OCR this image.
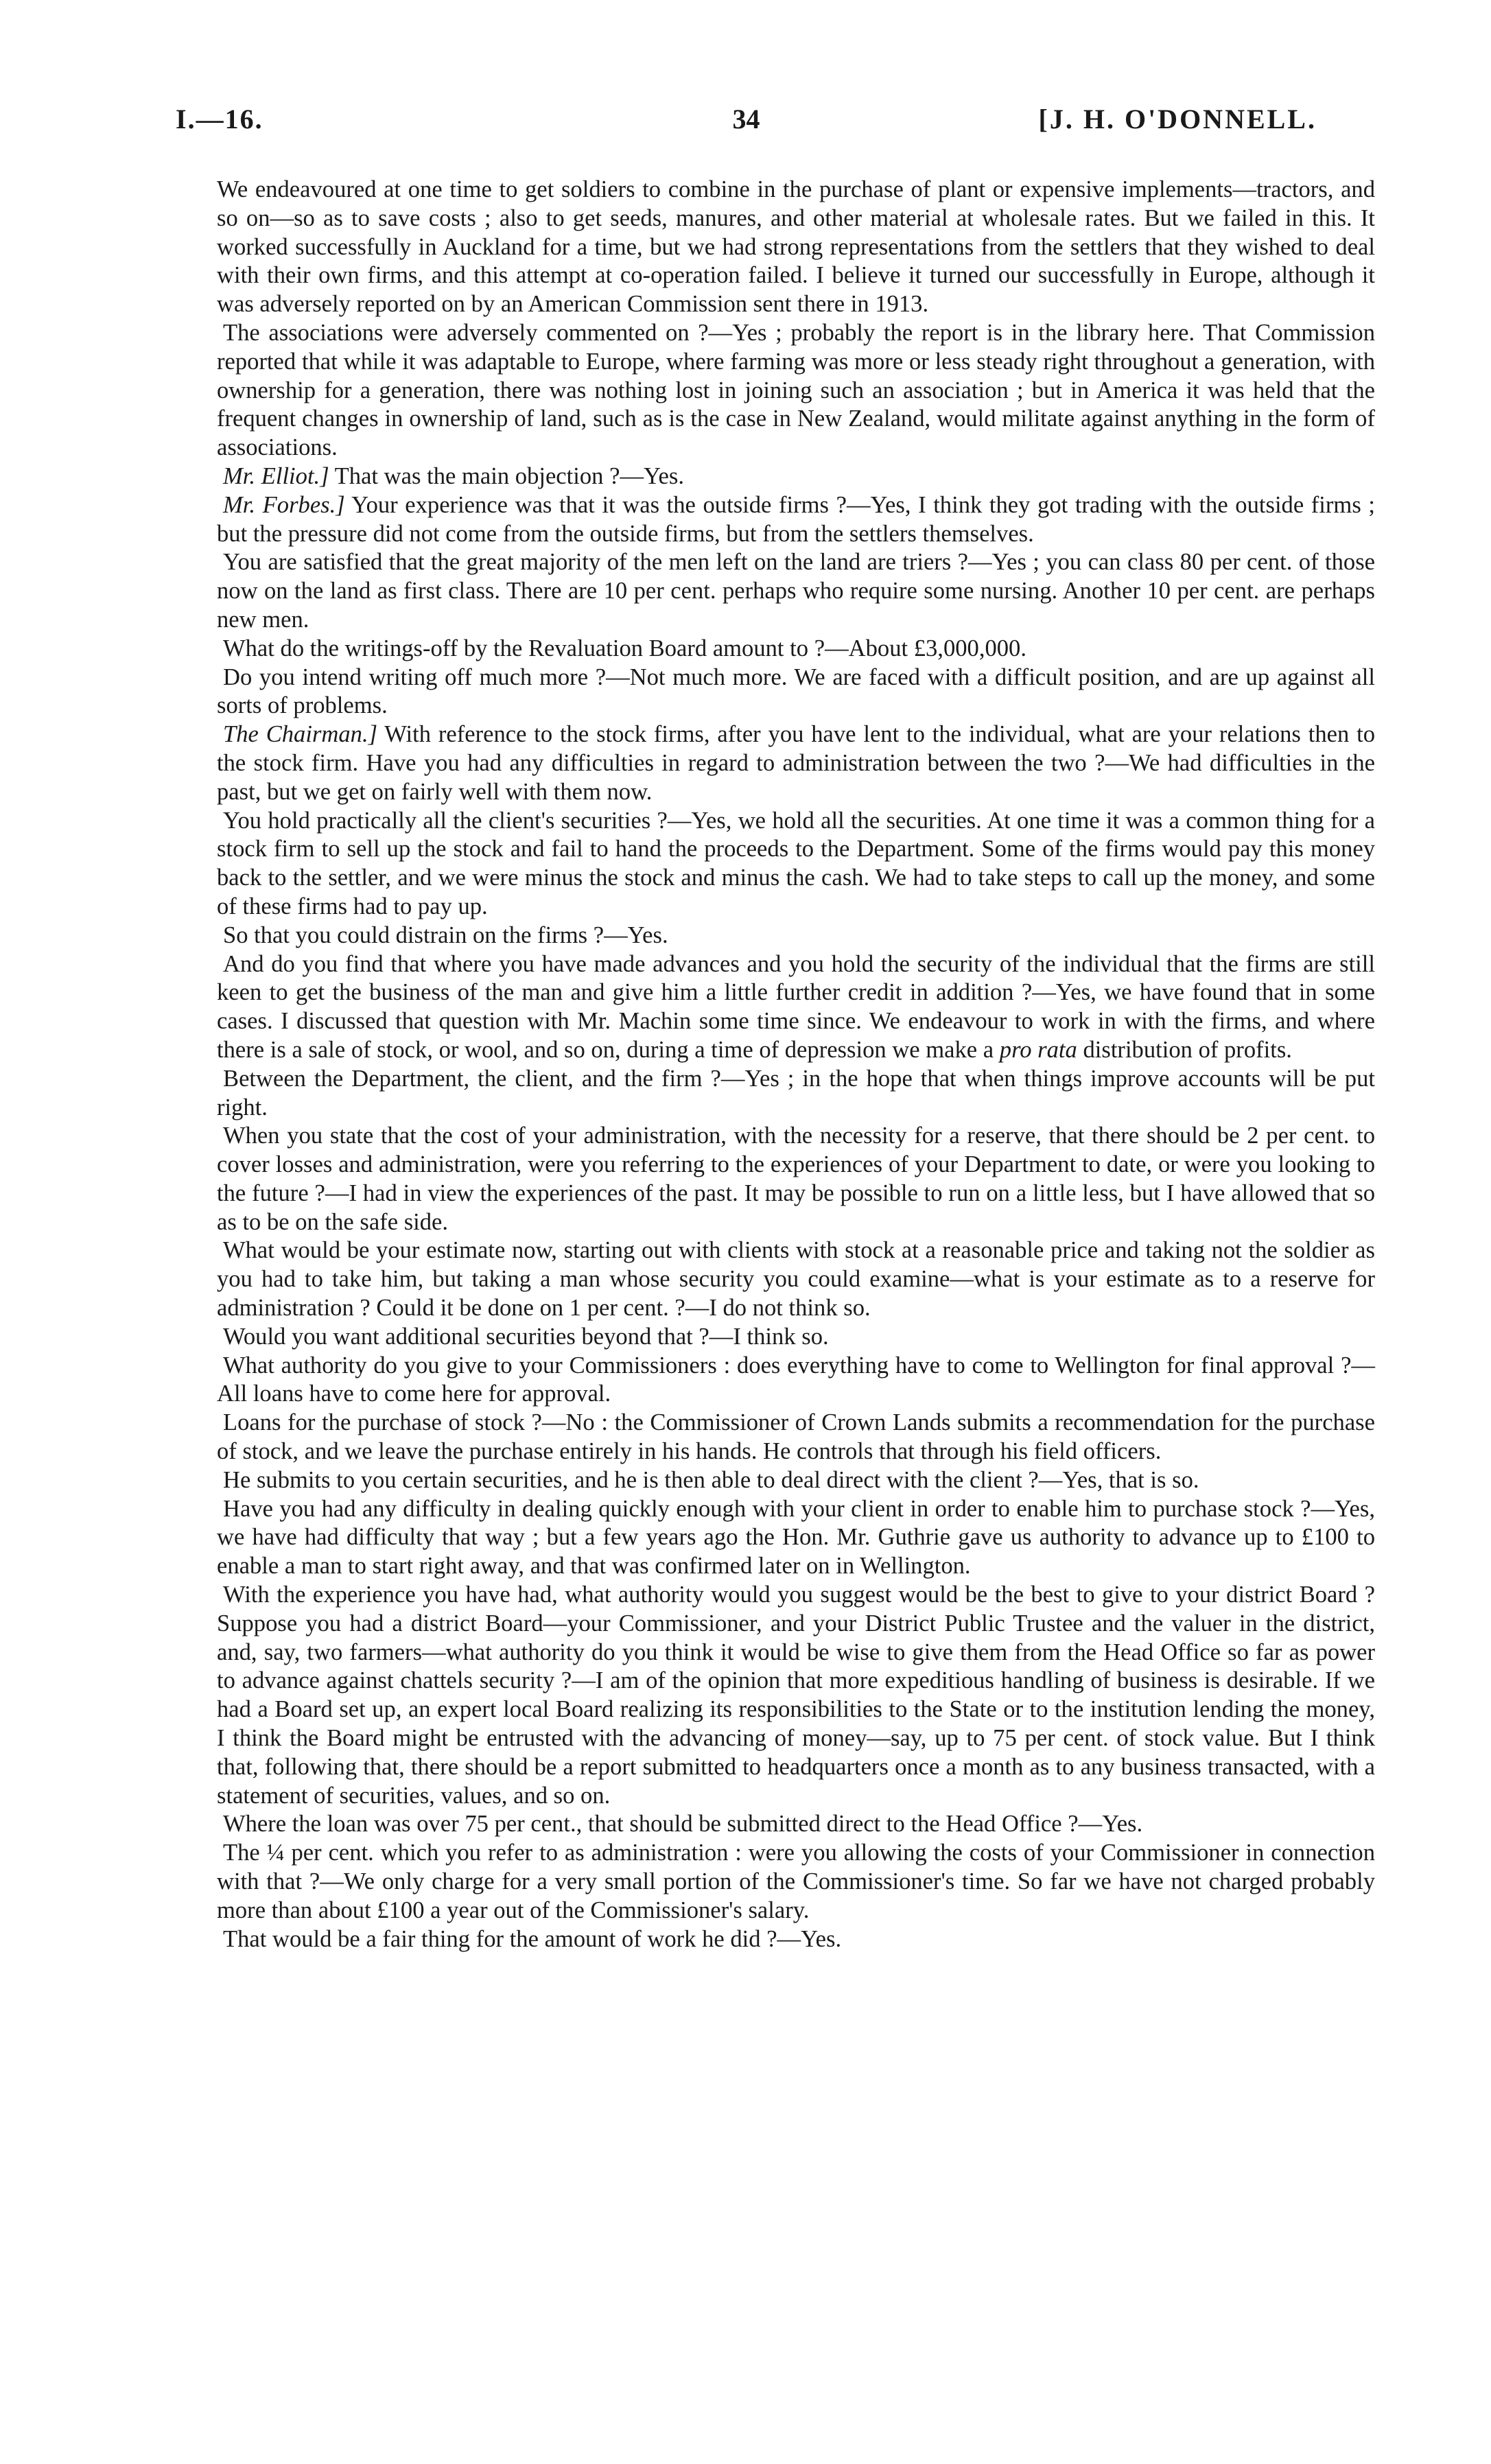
I.—16.	34	[J. H. O'DONNELL.

We endeavoured at one time to get soldiers to combine in the purchase of plant or expensive implements—tractors, and so on—so as to save costs ; also to get seeds, manures, and other material at wholesale rates. But we failed in this. It worked successfully in Auckland for a time, but we had strong representations from the settlers that they wished to deal with their own firms, and this attempt at co-operation failed. I believe it turned our successfully in Europe, although it was adversely reported on by an American Commission sent there in 1913.

The associations were adversely commented on ?—Yes ; probably the report is in the library here. That Commission reported that while it was adaptable to Europe, where farming was more or less steady right throughout a generation, with ownership for a generation, there was nothing lost in joining such an association ; but in America it was held that the frequent changes in ownership of land, such as is the case in New Zealand, would militate against anything in the form of associations.

Mr. Elliot.] That was the main objection ?—Yes.

Mr. Forbes.] Your experience was that it was the outside firms ?—Yes, I think they got trading with the outside firms ; but the pressure did not come from the outside firms, but from the settlers themselves.

You are satisfied that the great majority of the men left on the land are triers ?—Yes ; you can class 80 per cent. of those now on the land as first class. There are 10 per cent. perhaps who require some nursing. Another 10 per cent. are perhaps new men.

What do the writings-off by the Revaluation Board amount to ?—About £3,000,000.

Do you intend writing off much more ?—Not much more. We are faced with a difficult position, and are up against all sorts of problems.

The Chairman.] With reference to the stock firms, after you have lent to the individual, what are your relations then to the stock firm. Have you had any difficulties in regard to administration between the two ?—We had difficulties in the past, but we get on fairly well with them now.

You hold practically all the client's securities ?—Yes, we hold all the securities. At one time it was a common thing for a stock firm to sell up the stock and fail to hand the proceeds to the Department. Some of the firms would pay this money back to the settler, and we were minus the stock and minus the cash. We had to take steps to call up the money, and some of these firms had to pay up.

So that you could distrain on the firms ?—Yes.

And do you find that where you have made advances and you hold the security of the individual that the firms are still keen to get the business of the man and give him a little further credit in addition ?—Yes, we have found that in some cases. I discussed that question with Mr. Machin some time since. We endeavour to work in with the firms, and where there is a sale of stock, or wool, and so on, during a time of depression we make a pro rata distribution of profits.

Between the Department, the client, and the firm ?—Yes ; in the hope that when things improve accounts will be put right.

When you state that the cost of your administration, with the necessity for a reserve, that there should be 2 per cent. to cover losses and administration, were you referring to the experiences of your Department to date, or were you looking to the future ?—I had in view the experiences of the past. It may be possible to run on a little less, but I have allowed that so as to be on the safe side.

What would be your estimate now, starting out with clients with stock at a reasonable price and taking not the soldier as you had to take him, but taking a man whose security you could examine—what is your estimate as to a reserve for administration ? Could it be done on 1 per cent. ?—I do not think so.

Would you want additional securities beyond that ?—I think so.

What authority do you give to your Commissioners : does everything have to come to Wellington for final approval ?—All loans have to come here for approval.

Loans for the purchase of stock ?—No : the Commissioner of Crown Lands submits a recommendation for the purchase of stock, and we leave the purchase entirely in his hands. He controls that through his field officers.

He submits to you certain securities, and he is then able to deal direct with the client ?—Yes, that is so.

Have you had any difficulty in dealing quickly enough with your client in order to enable him to purchase stock ?—Yes, we have had difficulty that way ; but a few years ago the Hon. Mr. Guthrie gave us authority to advance up to £100 to enable a man to start right away, and that was confirmed later on in Wellington.

With the experience you have had, what authority would you suggest would be the best to give to your district Board ? Suppose you had a district Board—your Commissioner, and your District Public Trustee and the valuer in the district, and, say, two farmers—what authority do you think it would be wise to give them from the Head Office so far as power to advance against chattels security ?—I am of the opinion that more expeditious handling of business is desirable. If we had a Board set up, an expert local Board realizing its responsibilities to the State or to the institution lending the money, I think the Board might be entrusted with the advancing of money—say, up to 75 per cent. of stock value. But I think that, following that, there should be a report submitted to headquarters once a month as to any business transacted, with a statement of securities, values, and so on.

Where the loan was over 75 per cent., that should be submitted direct to the Head Office ?—Yes.

The ¼ per cent. which you refer to as administration : were you allowing the costs of your Commissioner in connection with that ?—We only charge for a very small portion of the Commissioner's time. So far we have not charged probably more than about £100 a year out of the Commissioner's salary.

That would be a fair thing for the amount of work he did ?—Yes.
